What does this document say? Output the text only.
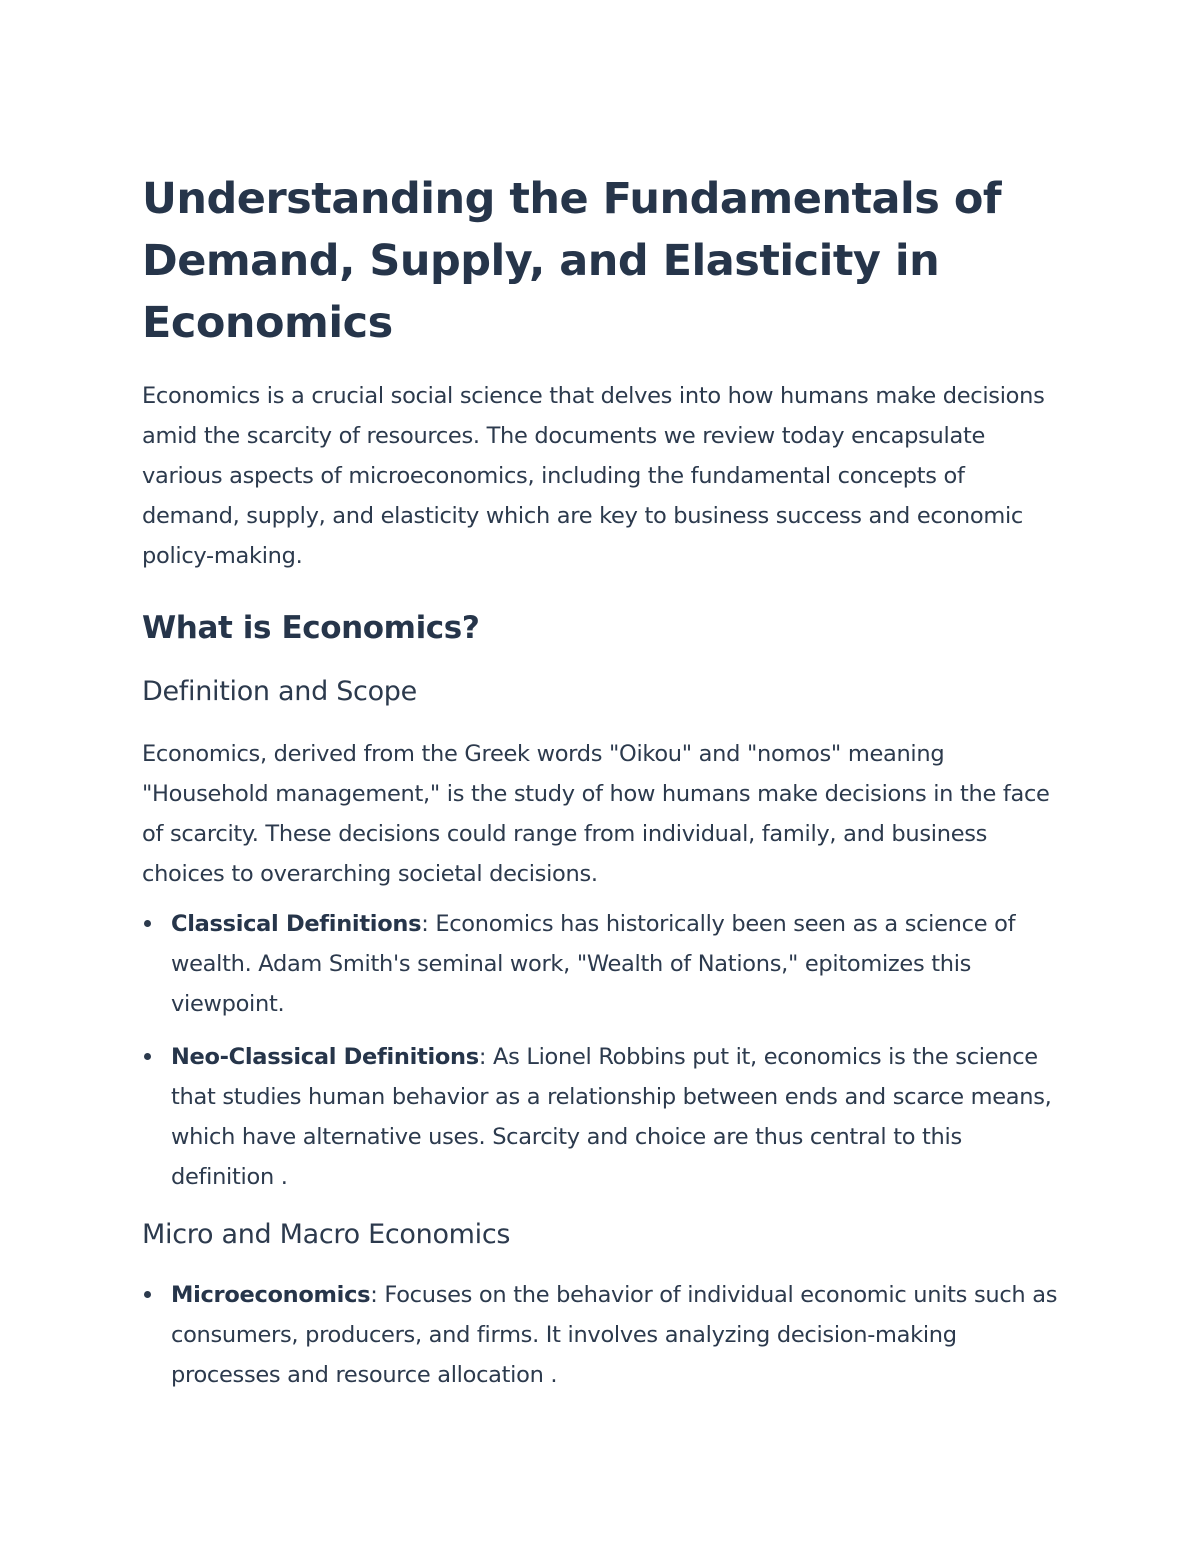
Understanding the Fundamentals of Demand, Supply, and Elasticity in Economics

Economics is a crucial social science that delves into how humans make decisions amid the scarcity of resources. The documents we review today encapsulate various aspects of microeconomics, including the fundamental concepts of demand, supply, and elasticity which are key to business success and economic policy-making.

What is Economics?
Definition and Scope

Economics, derived from the Greek words "Oikou" and "nomos" meaning "Household management," is the study of how humans make decisions in the face of scarcity. These decisions could range from individual, family, and business choices to overarching societal decisions.

Classical Definitions: Economics has historically been seen as a science of wealth. Adam Smith's seminal work, "Wealth of Nations," epitomizes this viewpoint.
Neo-Classical Definitions: As Lionel Robbins put it, economics is the science that studies human behavior as a relationship between ends and scarce means, which have alternative uses. Scarcity and choice are thus central to this definition .
Micro and Macro Economics
Microeconomics: Focuses on the behavior of individual economic units such as consumers, producers, and firms. It involves analyzing decision-making processes and resource allocation .
